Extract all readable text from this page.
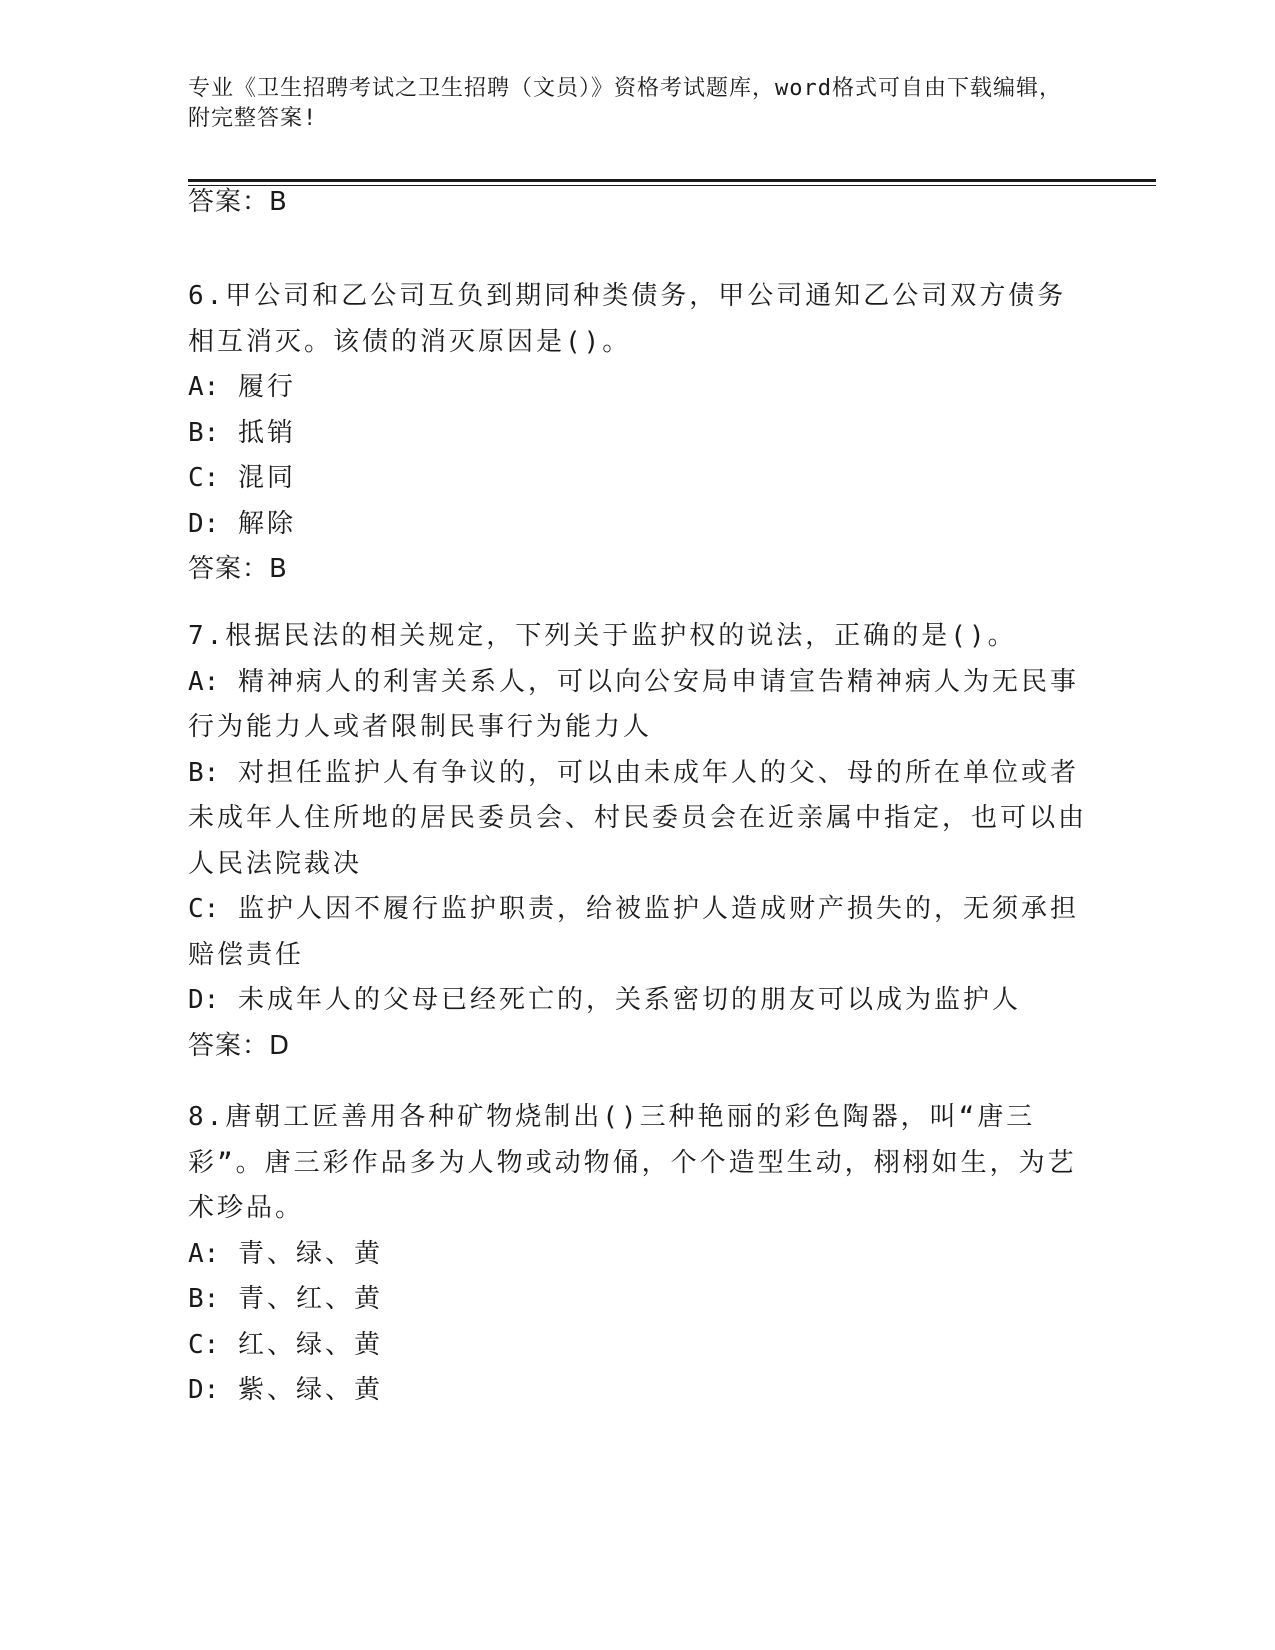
专业《卫生招聘考试之卫生招聘（文员）》资格考试题库，word格式可自由下载编辑，附完整答案!
答案：B
6.甲公司和乙公司互负到期同种类债务，甲公司通知乙公司双方债务相互消灭。该债的消灭原因是()。
A: 履行
B: 抵销
C: 混同
D: 解除
答案：B
7.根据民法的相关规定，下列关于监护权的说法，正确的是()。
A: 精神病人的利害关系人，可以向公安局申请宣告精神病人为无民事行为能力人或者限制民事行为能力人
B: 对担任监护人有争议的，可以由未成年人的父、母的所在单位或者未成年人住所地的居民委员会、村民委员会在近亲属中指定，也可以由人民法院裁决
C: 监护人因不履行监护职责，给被监护人造成财产损失的，无须承担赔偿责任
D: 未成年人的父母已经死亡的，关系密切的朋友可以成为监护人
答案：D
8.唐朝工匠善用各种矿物烧制出()三种艳丽的彩色陶器，叫“唐三彩”。唐三彩作品多为人物或动物俑，个个造型生动，栩栩如生，为艺术珍品。
A: 青、绿、黄
B: 青、红、黄
C: 红、绿、黄
D: 紫、绿、黄
